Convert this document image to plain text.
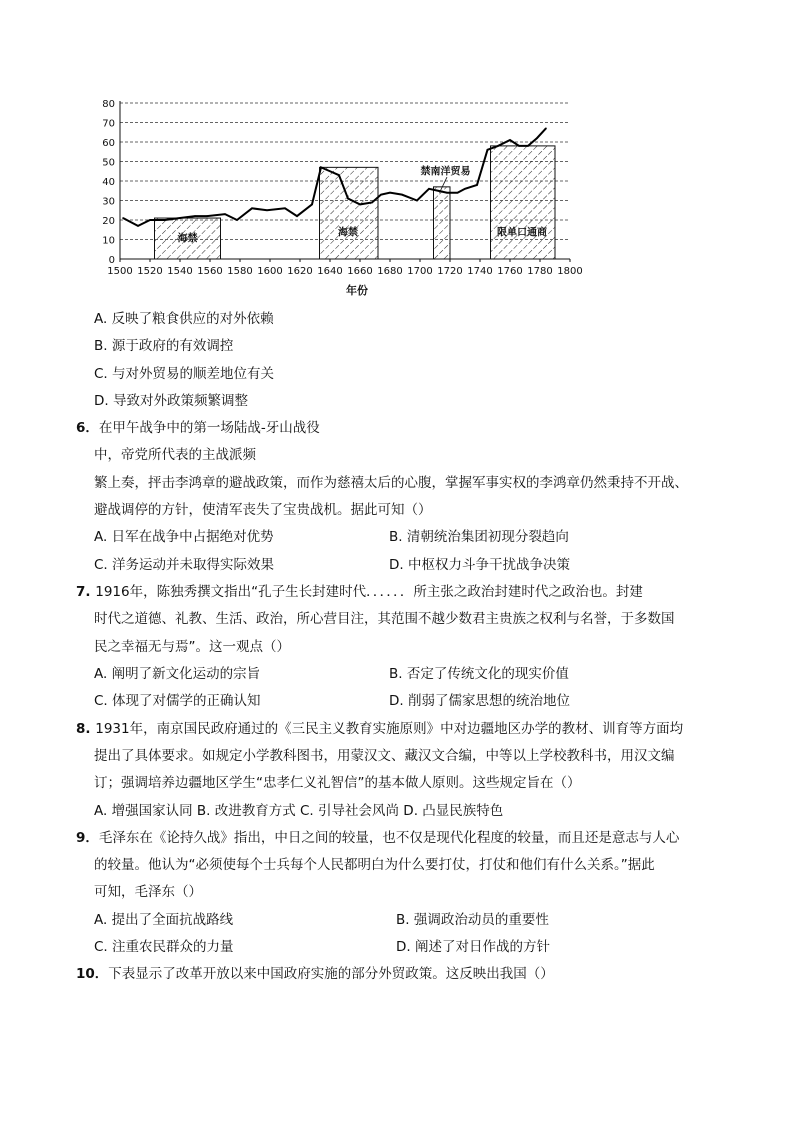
0
10
20
30
40
50
60
70
80
1500 1520 1540 1560 1580 1600 1620 1640 1660 1680 1700 1720 1740 1760 1780 1800
年份
海禁
海禁
禁南洋贸易
限单口通商
A. 反映了粮食供应的对外依赖
B. 源于政府的有效调控
C. 与对外贸易的顺差地位有关
D. 导致对外政策频繁调整
6．在甲午战争中的第一场陆战-牙山战役
中，帝党所代表的主战派频
繁上奏，抨击李鸿章的避战政策，而作为慈禧太后的心腹，掌握军事实权的李鸿章仍然秉持不开战、
避战调停的方针，使清军丧失了宝贵战机。据此可知（）
A. 日军在战争中占据绝对优势	B. 清朝统治集团初现分裂趋向
C. 洋务运动并未取得实际效果	D. 中枢权力斗争干扰战争决策
7. 1916年，陈独秀撰文指出“孔子生长封建时代．．．．．．所主张之政治封建时代之政治也。封建
时代之道德、礼教、生活、政治，所心营目注，其范围不越少数君主贵族之权利与名誉，于多数国
民之幸福无与焉”。这一观点（）
A. 阐明了新文化运动的宗旨	B. 否定了传统文化的现实价值
C. 体现了对儒学的正确认知	D. 削弱了儒家思想的统治地位
8. 1931年，南京国民政府通过的《三民主义教育实施原则》中对边疆地区办学的教材、训育等方面均
提出了具体要求。如规定小学教科图书，用蒙汉文、藏汉文合编，中等以上学校教科书，用汉文编
订；强调培养边疆地区学生“忠孝仁义礼智信”的基本做人原则。这些规定旨在（）
A. 增强国家认同 B. 改进教育方式 C. 引导社会风尚 D. 凸显民族特色
9．毛泽东在《论持久战》指出，中日之间的较量，也不仅是现代化程度的较量，而且还是意志与人心
的较量。他认为“必须使每个士兵每个人民都明白为什么要打仗，打仗和他们有什么关系。”据此
可知，毛泽东（）
A. 提出了全面抗战路线	B. 强调政治动员的重要性
C. 注重农民群众的力量	D. 阐述了对日作战的方针
10．下表显示了改革开放以来中国政府实施的部分外贸政策。这反映出我国（）
